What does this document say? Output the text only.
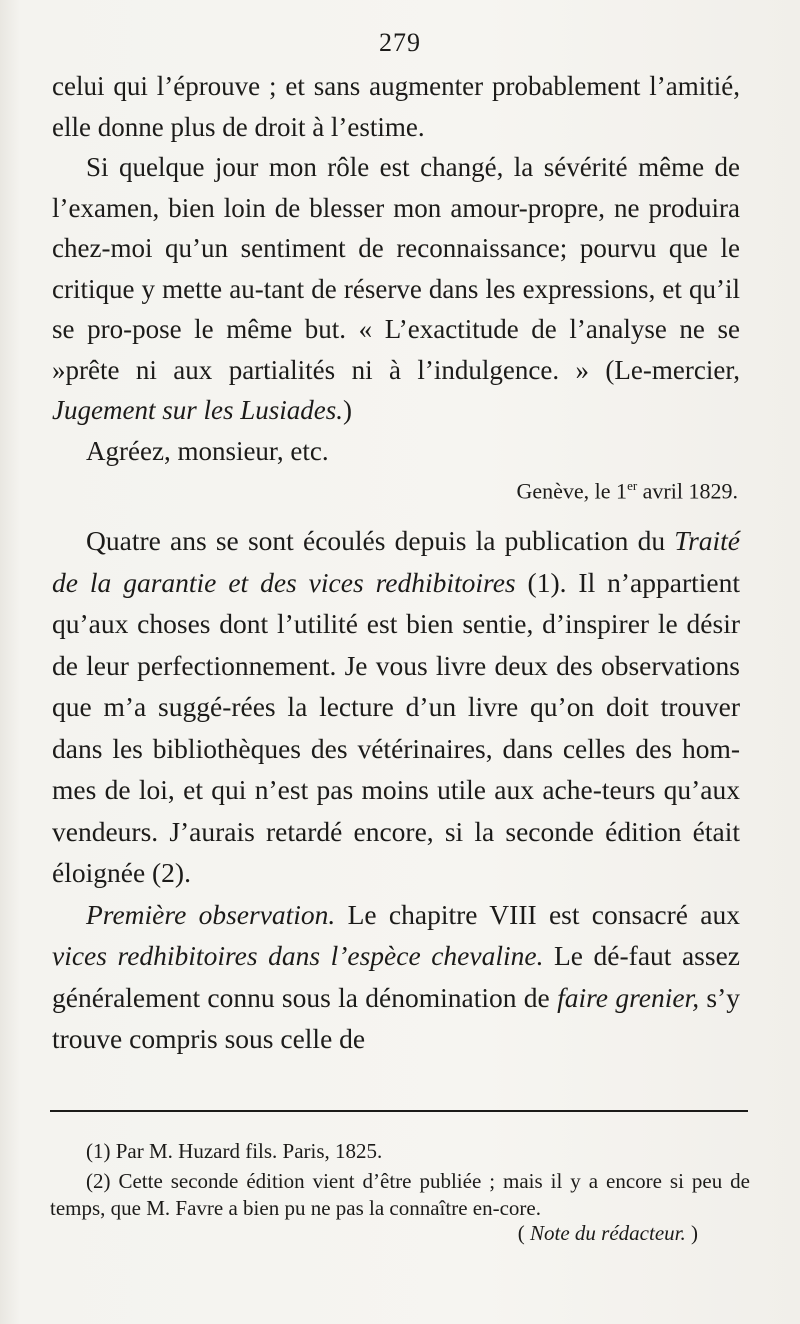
279

celui qui l’éprouve ; et sans augmenter probablement l’amitié, elle donne plus de droit à l’estime.

Si quelque jour mon rôle est changé, la sévérité même de l’examen, bien loin de blesser mon amour-propre, ne produira chez-moi qu’un sentiment de reconnaissance; pourvu que le critique y mette au-tant de réserve dans les expressions, et qu’il se pro-pose le même but. « L’exactitude de l’analyse ne se »prête ni aux partialités ni à l’indulgence. » (Le-mercier, Jugement sur les Lusiades.)

Agréez, monsieur, etc.

Genève, le 1er avril 1829.

Quatre ans se sont écoulés depuis la publication du Traité de la garantie et des vices redhibitoires (1). Il n’appartient qu’aux choses dont l’utilité est bien sentie, d’inspirer le désir de leur perfectionnement. Je vous livre deux des observations que m’a suggé-rées la lecture d’un livre qu’on doit trouver dans les bibliothèques des vétérinaires, dans celles des hom-mes de loi, et qui n’est pas moins utile aux ache-teurs qu’aux vendeurs. J’aurais retardé encore, si la seconde édition était éloignée (2).

Première observation. Le chapitre VIII est consacré aux vices redhibitoires dans l’espèce chevaline. Le dé-faut assez généralement connu sous la dénomination de faire grenier, s’y trouve compris sous celle de

(1) Par M. Huzard fils. Paris, 1825.

(2) Cette seconde édition vient d’être publiée ; mais il y a encore si peu de temps, que M. Favre a bien pu ne pas la connaître en-core.

( Note du rédacteur. )
